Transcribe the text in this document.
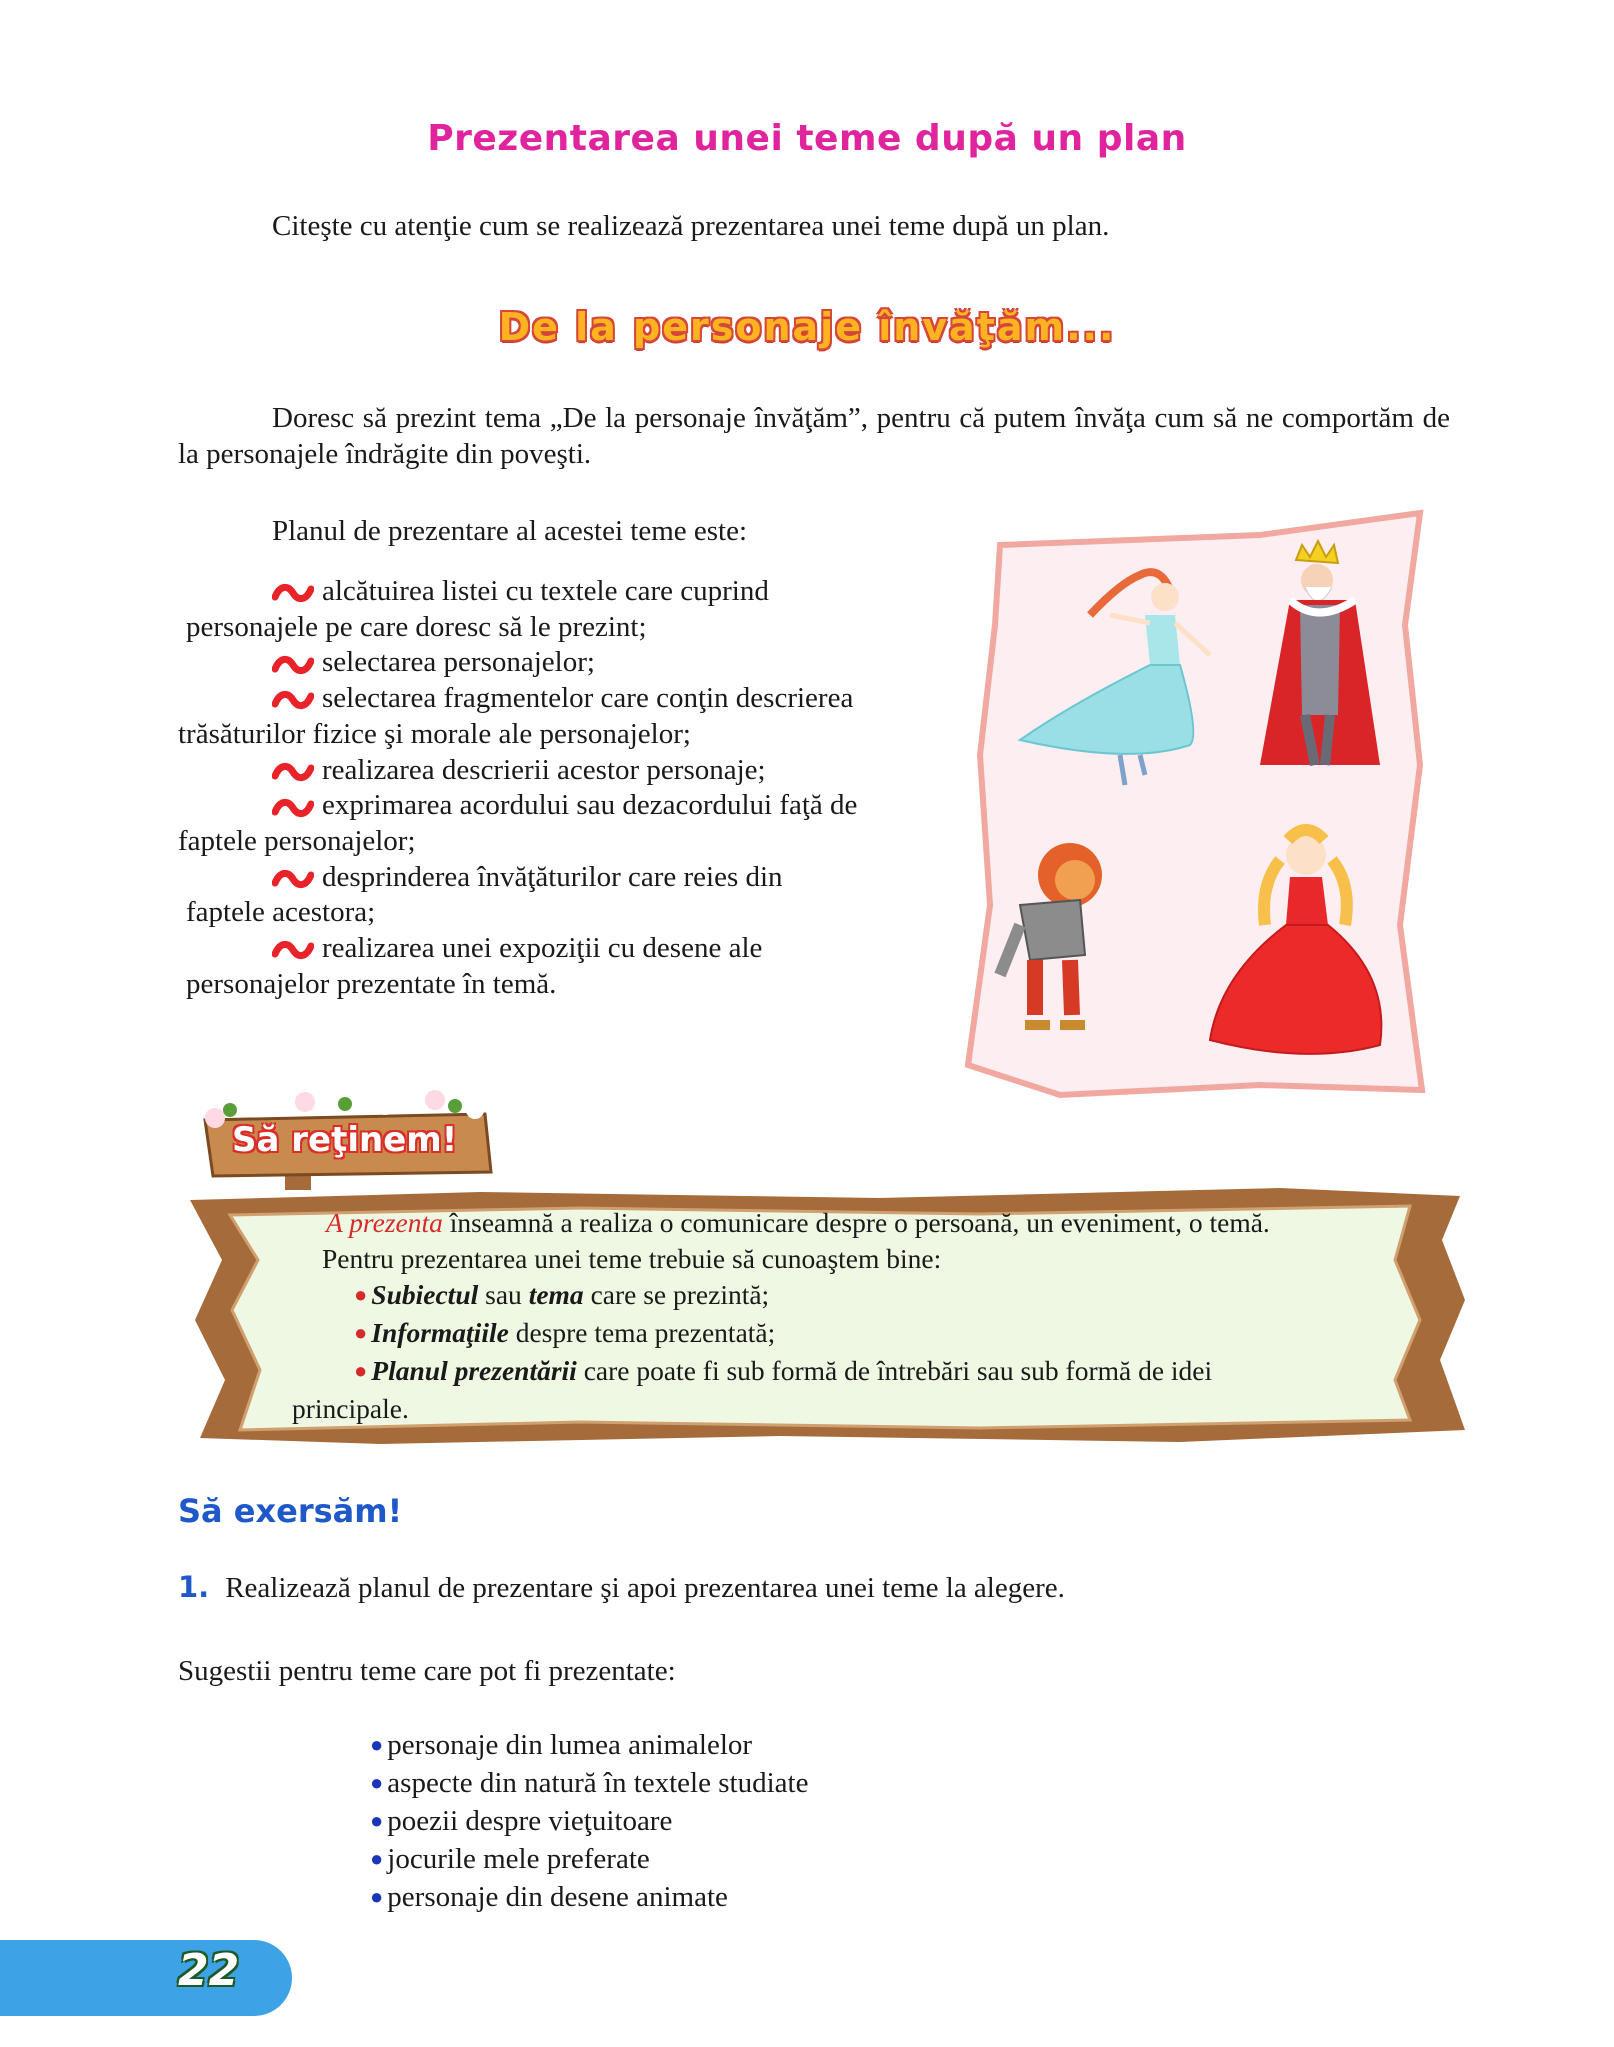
Prezentarea unei teme după un plan
Citeşte cu atenţie cum se realizează prezentarea unei teme după un plan.
De la personaje învăţăm...
Doresc să prezint tema „De la personaje învăţăm”, pentru că putem învăţa cum să ne comportăm de la personajele îndrăgite din poveşti.
Planul de prezentare al acestei teme este:
alcătuirea listei cu textele care cuprind
personajele pe care doresc să le prezint;
selectarea personajelor;
selectarea fragmentelor care conţin descrierea
trăsăturilor fizice şi morale ale personajelor;
realizarea descrierii acestor personaje;
exprimarea acordului sau dezacordului faţă de
faptele personajelor;
desprinderea învăţăturilor care reies din
faptele acestora;
realizarea unei expoziţii cu desene ale
personajelor prezentate în temă.
Să reţinem!
A prezenta înseamnă a realiza o comunicare despre o persoană, un eveniment, o temă.
Pentru prezentarea unei teme trebuie să cunoaştem bine:
● Subiectul sau tema care se prezintă;
● Informaţiile despre tema prezentată;
● Planul prezentării care poate fi sub formă de întrebări sau sub formă de idei
principale.
Să exersăm!
1. Realizează planul de prezentare şi apoi prezentarea unei teme la alegere.
Sugestii pentru teme care pot fi prezentate:
● personaje din lumea animalelor
● aspecte din natură în textele studiate
● poezii despre vieţuitoare
● jocurile mele preferate
● personaje din desene animate
22
